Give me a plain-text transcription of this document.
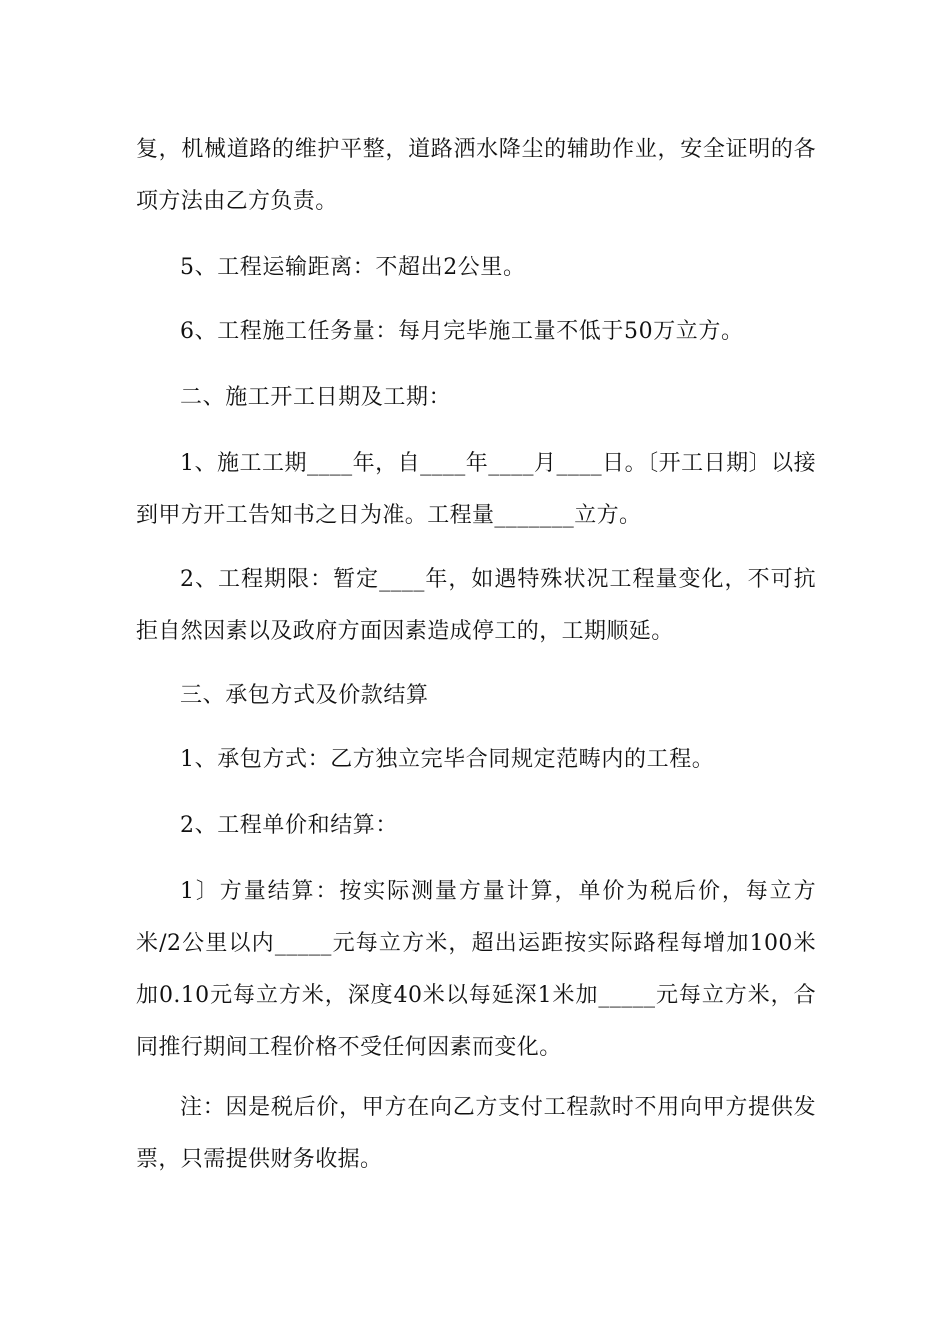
复，机械道路的维护平整，道路洒水降尘的辅助作业，安全证明的各项方法由乙方负责。

5、工程运输距离：不超出2公里。

6、工程施工任务量：每月完毕施工量不低于50万立方。

二、施工开工日期及工期：

1、施工工期____年，自____年____月____日。〔开工日期〕以接到甲方开工告知书之日为准。工程量_______立方。

2、工程期限：暂定____年，如遇特殊状况工程量变化，不可抗拒自然因素以及政府方面因素造成停工的，工期顺延。

三、承包方式及价款结算

1、承包方式：乙方独立完毕合同规定范畴内的工程。

2、工程单价和结算：

1〕方量结算：按实际测量方量计算，单价为税后价，每立方米/2公里以内_____元每立方米，超出运距按实际路程每增加100米加0.10元每立方米，深度40米以每延深1米加_____元每立方米，合同推行期间工程价格不受任何因素而变化。

注：因是税后价，甲方在向乙方支付工程款时不用向甲方提供发票，只需提供财务收据。
